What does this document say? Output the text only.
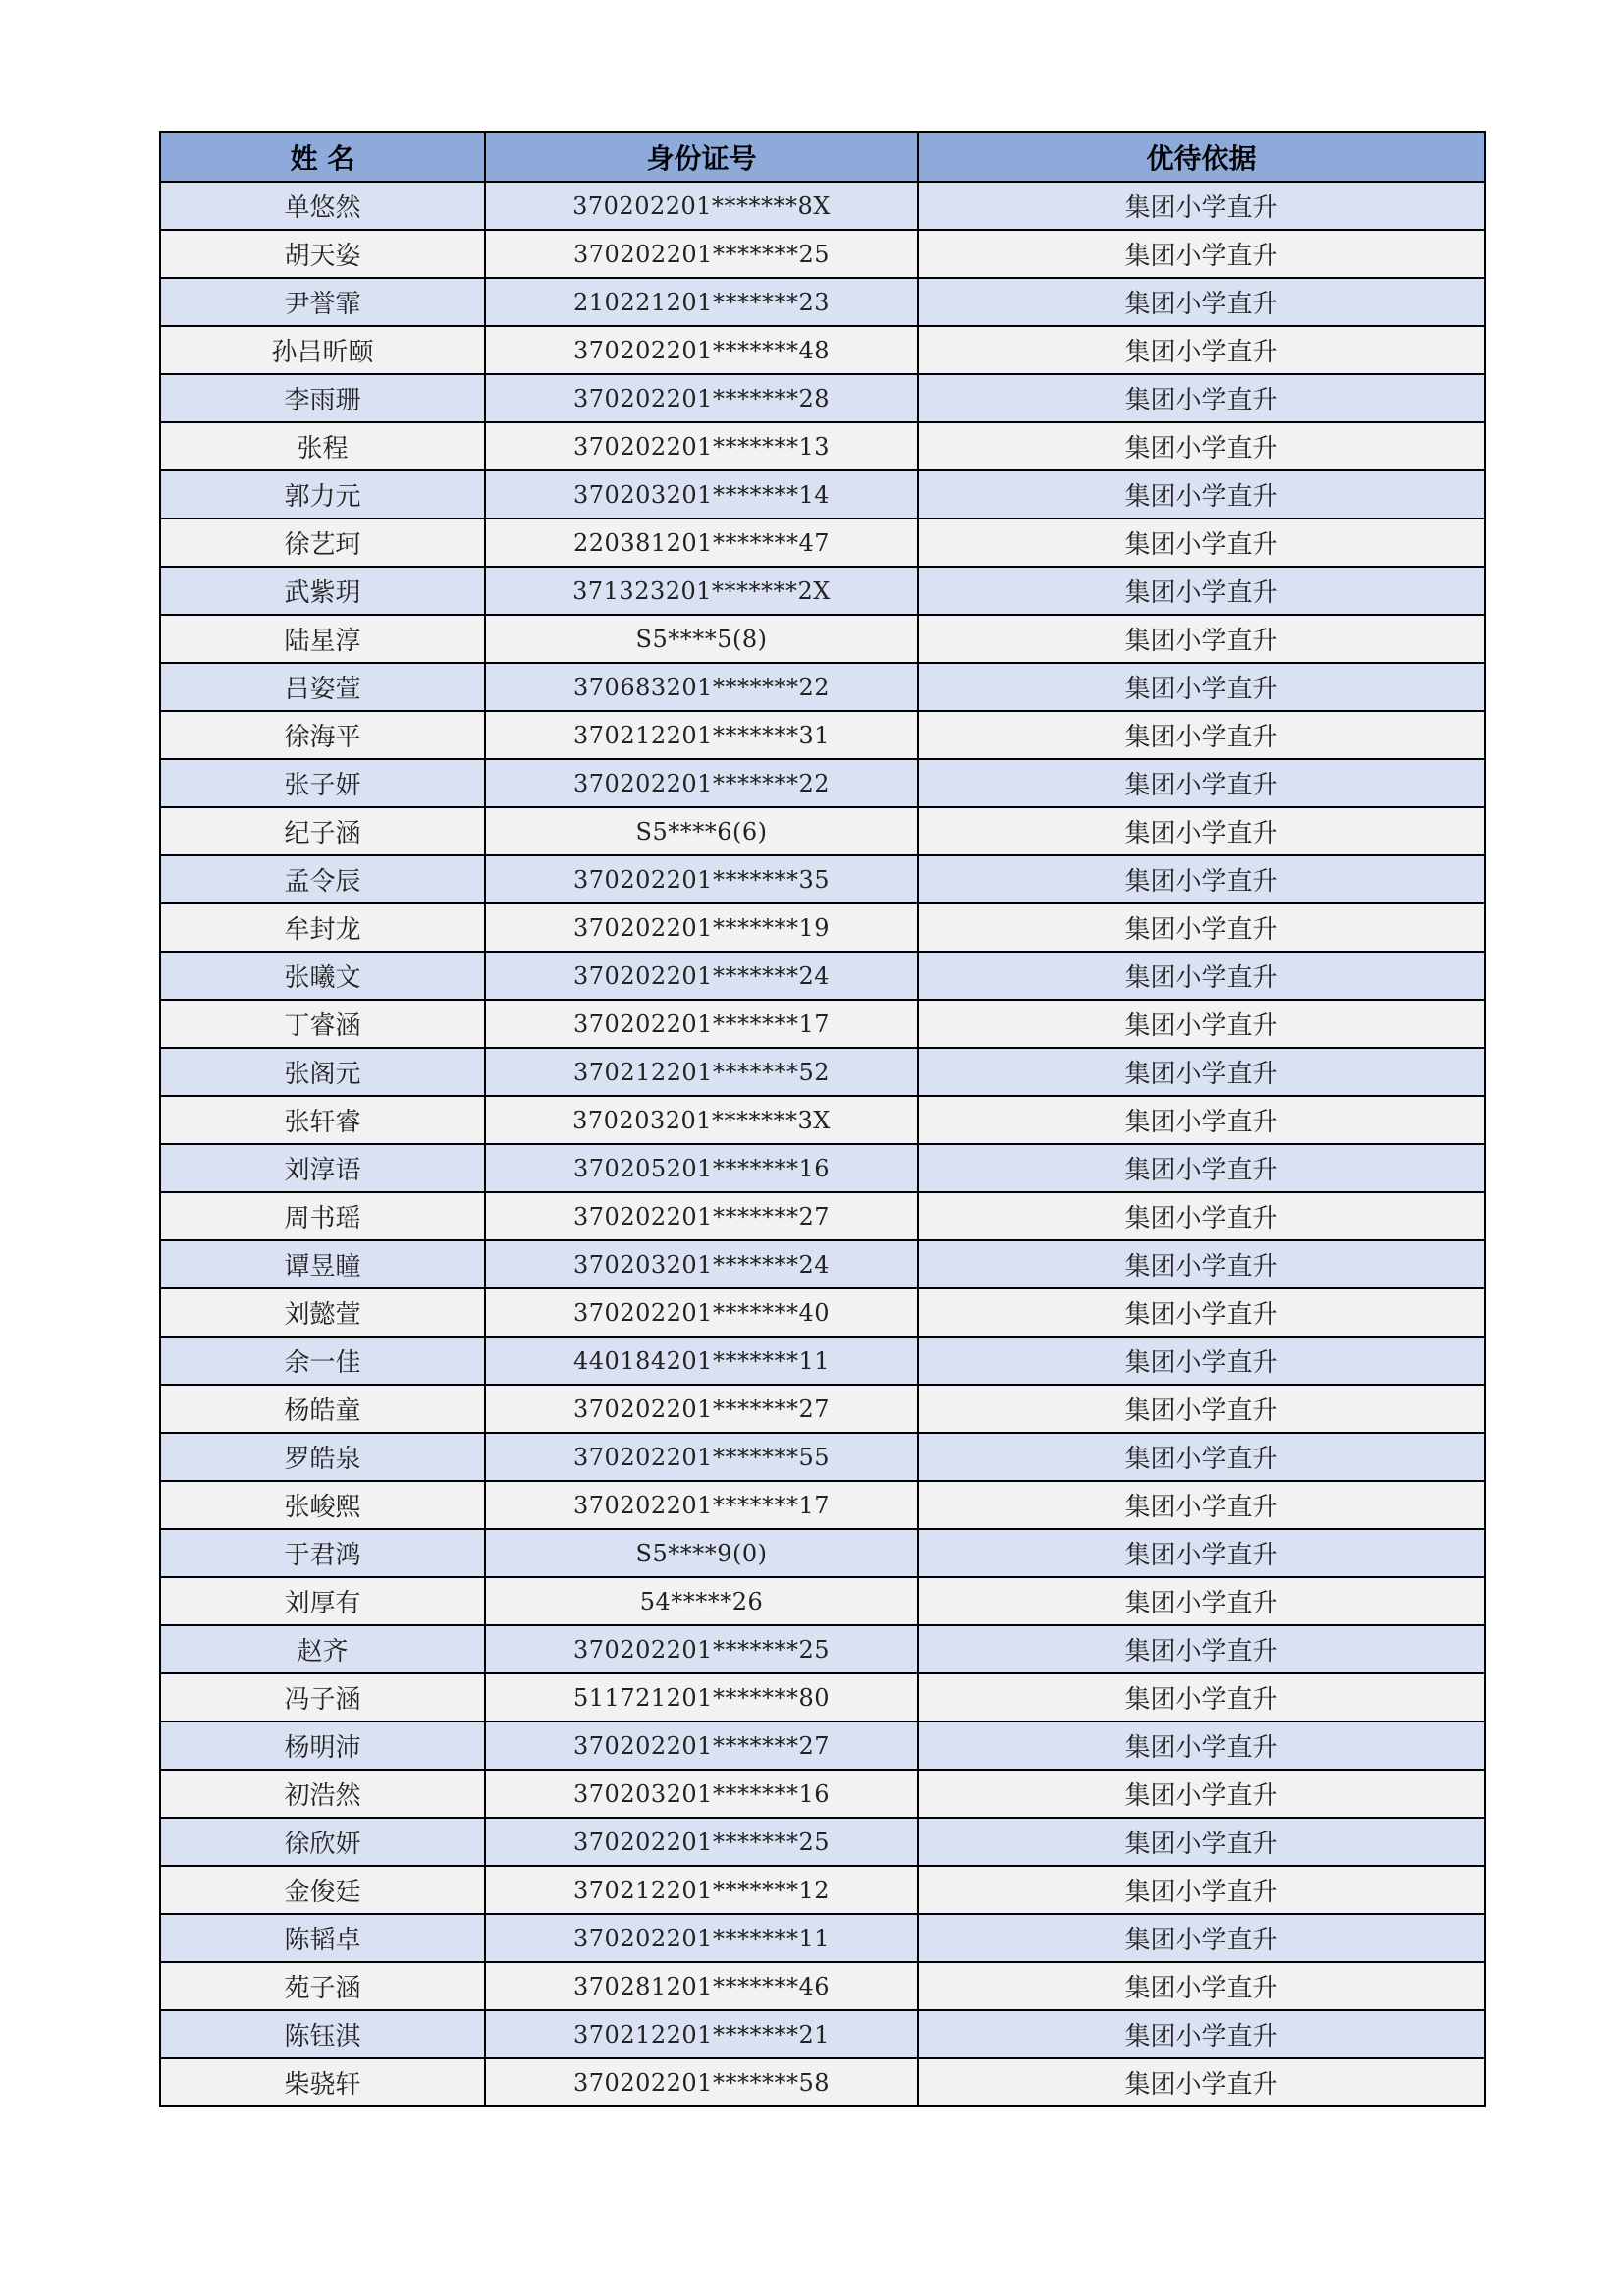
姓 名	身份证号	优待依据
单悠然	370202201*******8X	集团小学直升
胡天姿	370202201*******25	集团小学直升
尹誉霏	210221201*******23	集团小学直升
孙吕昕颐	370202201*******48	集团小学直升
李雨珊	370202201*******28	集团小学直升
张程	370202201*******13	集团小学直升
郭力元	370203201*******14	集团小学直升
徐艺珂	220381201*******47	集团小学直升
武紫玥	371323201*******2X	集团小学直升
陆星淳	S5****5(8)	集团小学直升
吕姿萱	370683201*******22	集团小学直升
徐海平	370212201*******31	集团小学直升
张子妍	370202201*******22	集团小学直升
纪子涵	S5****6(6)	集团小学直升
孟令辰	370202201*******35	集团小学直升
牟封龙	370202201*******19	集团小学直升
张曦文	370202201*******24	集团小学直升
丁睿涵	370202201*******17	集团小学直升
张阁元	370212201*******52	集团小学直升
张轩睿	370203201*******3X	集团小学直升
刘淳语	370205201*******16	集团小学直升
周书瑶	370202201*******27	集团小学直升
谭昱瞳	370203201*******24	集团小学直升
刘懿萱	370202201*******40	集团小学直升
余一佳	440184201*******11	集团小学直升
杨皓童	370202201*******27	集团小学直升
罗皓泉	370202201*******55	集团小学直升
张峻熙	370202201*******17	集团小学直升
于君鸿	S5****9(0)	集团小学直升
刘厚有	54*****26	集团小学直升
赵齐	370202201*******25	集团小学直升
冯子涵	511721201*******80	集团小学直升
杨明沛	370202201*******27	集团小学直升
初浩然	370203201*******16	集团小学直升
徐欣妍	370202201*******25	集团小学直升
金俊廷	370212201*******12	集团小学直升
陈韬卓	370202201*******11	集团小学直升
苑子涵	370281201*******46	集团小学直升
陈钰淇	370212201*******21	集团小学直升
柴骁轩	370202201*******58	集团小学直升
